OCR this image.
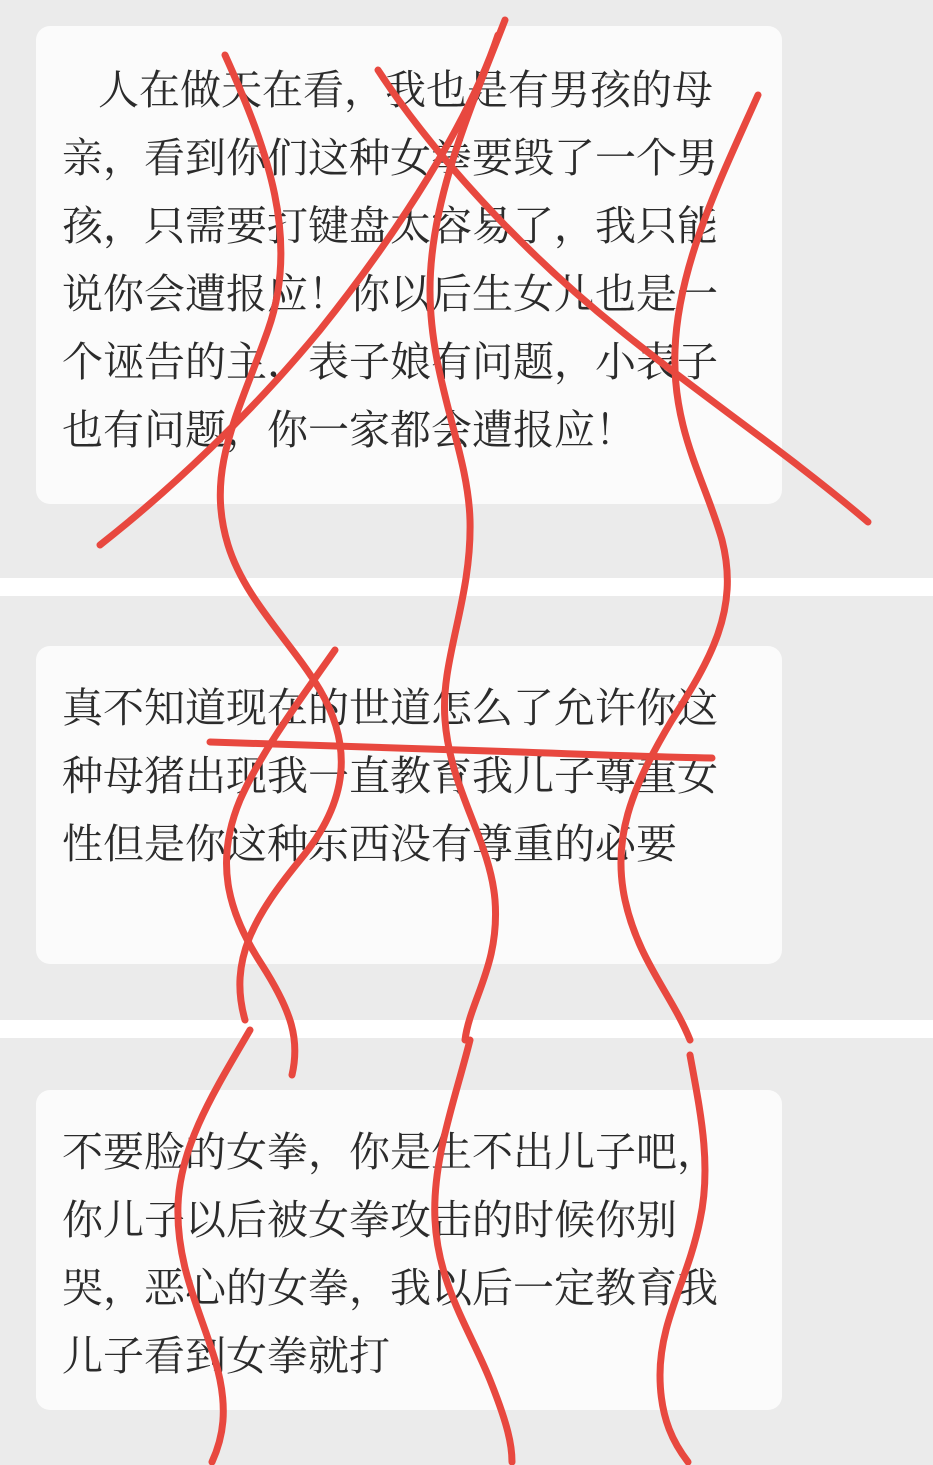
人在做天在看，我也是有男孩的母亲，看到你们这种女拳要毁了一个男孩，只需要打键盘太容易了，我只能说你会遭报应！你以后生女儿也是一个诬告的主，表子娘有问题，小表子也有问题，你一家都会遭报应！
真不知道现在的世道怎么了允许你这种母猪出现我一直教育我儿子尊重女性但是你这种东西没有尊重的必要
不要脸的女拳，你是生不出儿子吧，你儿子以后被女拳攻击的时候你别哭，恶心的女拳，我以后一定教育我儿子看到女拳就打
